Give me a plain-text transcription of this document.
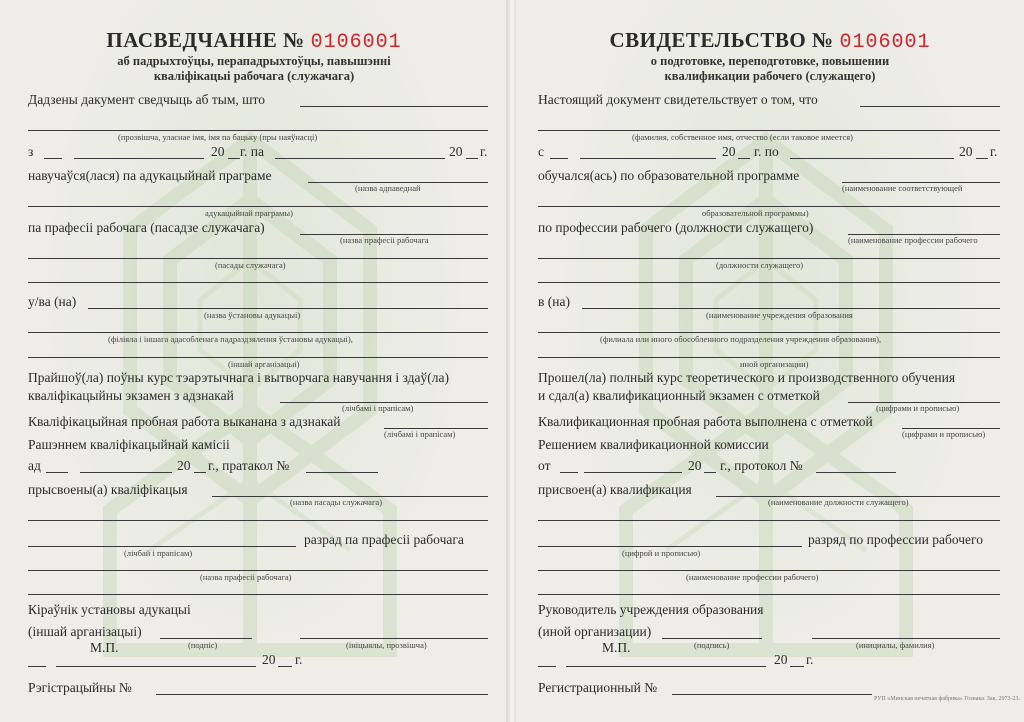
ПАСВЕДЧАННЕ № 0106001
аб падрыхтоўцы, перападрыхтоўцы, павышэнні
кваліфікацыі рабочага (служачага)
Дадзены дакумент сведчыць аб тым, што
(прозвішча, уласнае імя, імя па бацьку (пры наяўнасці)
з	20 г. па	20 г.
навучаўся(лася) па адукацыйнай праграме
(назва адпаведнай
адукацыйнай праграмы)
па прафесіі рабочага (пасадзе служачага)
(назва прафесіі рабочага
(пасады служачага)
у/ва (на)
(назва ўстановы адукацыі)
(філіяла і іншага адасобленага падраздзялення ўстановы адукацыі),
(іншай арганізацыі)
Прайшоў(ла) поўны курс тэарэтычнага і вытворчага навучання і здаў(ла)
кваліфікацыйны экзамен з адзнакай
(лічбамі і прапісам)
Кваліфікацыйная пробная работа выканана з адзнакай
(лічбамі і прапісам)
Рашэннем кваліфікацыйнай камісіі
ад	20 г., пратакол №
прысвоены(а) кваліфікацыя
(назва пасады служачага)
разрад па прафесіі рабочага
(лічбай і прапісам)
(назва прафесіі рабочага)
Кіраўнік установы адукацыі
(іншай арганізацыі)
(подпіс)	(ініцыялы, прозвішча)
М.П.
20 г.
Рэгістрацыйны №
СВИДЕТЕЛЬСТВО № 0106001
о подготовке, переподготовке, повышении
квалификации рабочего (служащего)
Настоящий документ свидетельствует о том, что
(фамилия, собственное имя, отчество (если таковое имеется)
с	20 г. по	20 г.
обучался(ась) по образовательной программе
(наименование соответствующей
образовательной программы)
по профессии рабочего (должности служащего)
(наименование профессии рабочего
(должности служащего)
в (на)
(наименование учреждения образования
(филиала или иного обособленного подразделения учреждения образования),
иной организации)
Прошел(ла) полный курс теоретического и производственного обучения
и сдал(а) квалификационный экзамен с отметкой
(цифрами и прописью)
Квалификационная пробная работа выполнена с отметкой
(цифрами и прописью)
Решением квалификационной комиссии
от	20 г., протокол №
присвоен(а) квалификация
(наименование должности служащего)
разряд по профессии рабочего
(цифрой и прописью)
(наименование профессии рабочего)
Руководитель учреждения образования
(иной организации)
(подпись)	(инициалы, фамилия)
М.П.
20 г.
Регистрационный №
РУП «Минская печатная фабрика» Гознака. Зак. 2973-23.
